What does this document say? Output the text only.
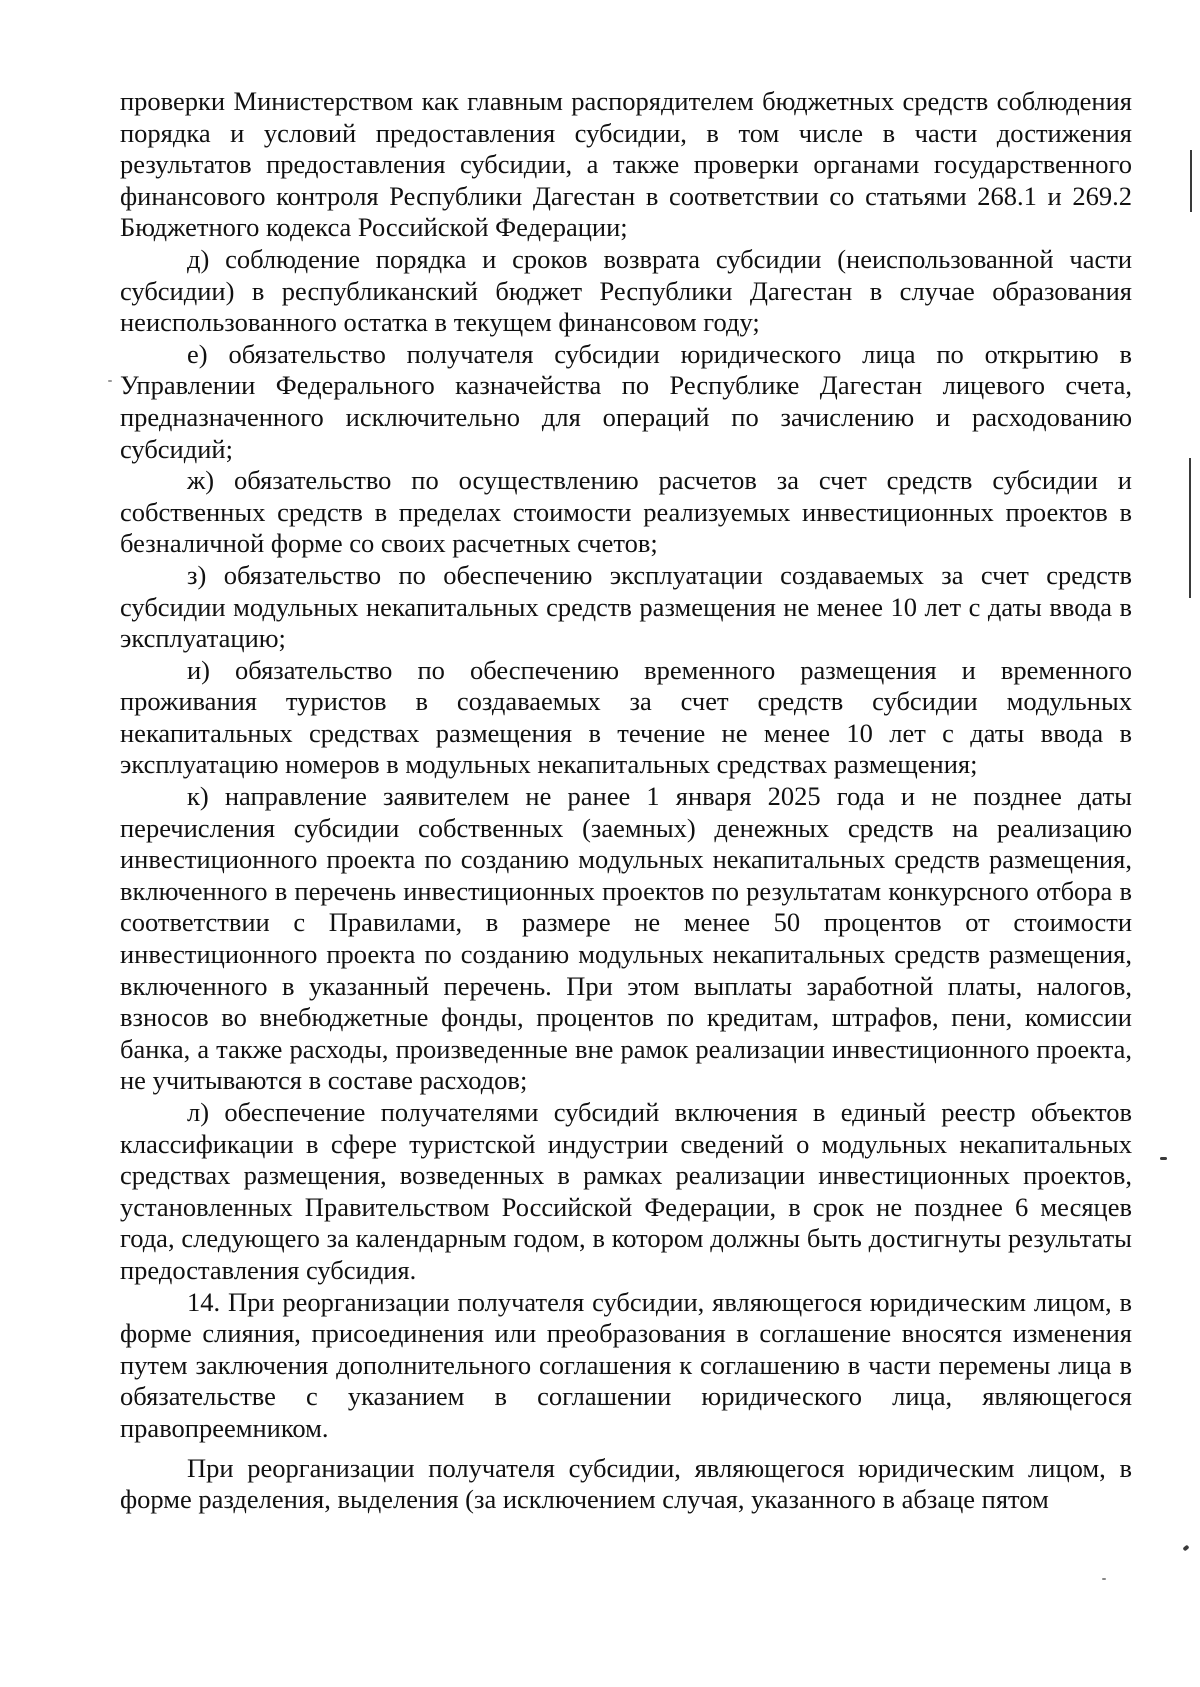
проверки Министерством как главным распорядителем бюджетных средств соблюдения порядка и условий предоставления субсидии, в том числе в части достижения результатов предоставления субсидии, а также проверки органами государственного финансового контроля Республики Дагестан в соответствии со статьями 268.1 и 269.2 Бюджетного кодекса Российской Федерации;

д) соблюдение порядка и сроков возврата субсидии (неиспользованной части субсидии) в республиканский бюджет Республики Дагестан в случае образования неиспользованного остатка в текущем финансовом году;

е) обязательство получателя субсидии юридического лица по открытию в Управлении Федерального казначейства по Республике Дагестан лицевого счета, предназначенного исключительно для операций по зачислению и расходованию субсидий;

ж) обязательство по осуществлению расчетов за счет средств субсидии и собственных средств в пределах стоимости реализуемых инвестиционных проектов в безналичной форме со своих расчетных счетов;

з) обязательство по обеспечению эксплуатации создаваемых за счет средств субсидии модульных некапитальных средств размещения не менее 10 лет с даты ввода в эксплуатацию;

и) обязательство по обеспечению временного размещения и временного проживания туристов в создаваемых за счет средств субсидии модульных некапитальных средствах размещения в течение не менее 10 лет с даты ввода в эксплуатацию номеров в модульных некапитальных средствах размещения;

к) направление заявителем не ранее 1 января 2025 года и не позднее даты перечисления субсидии собственных (заемных) денежных средств на реализацию инвестиционного проекта по созданию модульных некапитальных средств размещения, включенного в перечень инвестиционных проектов по результатам конкурсного отбора в соответствии с Правилами, в размере не менее 50 процентов от стоимости инвестиционного проекта по созданию модульных некапитальных средств размещения, включенного в указанный перечень. При этом выплаты заработной платы, налогов, взносов во внебюджетные фонды, процентов по кредитам, штрафов, пени, комиссии банка, а также расходы, произведенные вне рамок реализации инвестиционного проекта, не учитываются в составе расходов;

л) обеспечение получателями субсидий включения в единый реестр объектов классификации в сфере туристской индустрии сведений о модульных некапитальных средствах размещения, возведенных в рамках реализации инвестиционных проектов, установленных Правительством Российской Федерации, в срок не позднее 6 месяцев года, следующего за календарным годом, в котором должны быть достигнуты результаты предоставления субсидия.

14. При реорганизации получателя субсидии, являющегося юридическим лицом, в форме слияния, присоединения или преобразования в соглашение вносятся изменения путем заключения дополнительного соглашения к соглашению в части перемены лица в обязательстве с указанием в соглашении юридического лица, являющегося правопреемником.

При реорганизации получателя субсидии, являющегося юридическим лицом, в форме разделения, выделения (за исключением случая, указанного в абзаце пятом
